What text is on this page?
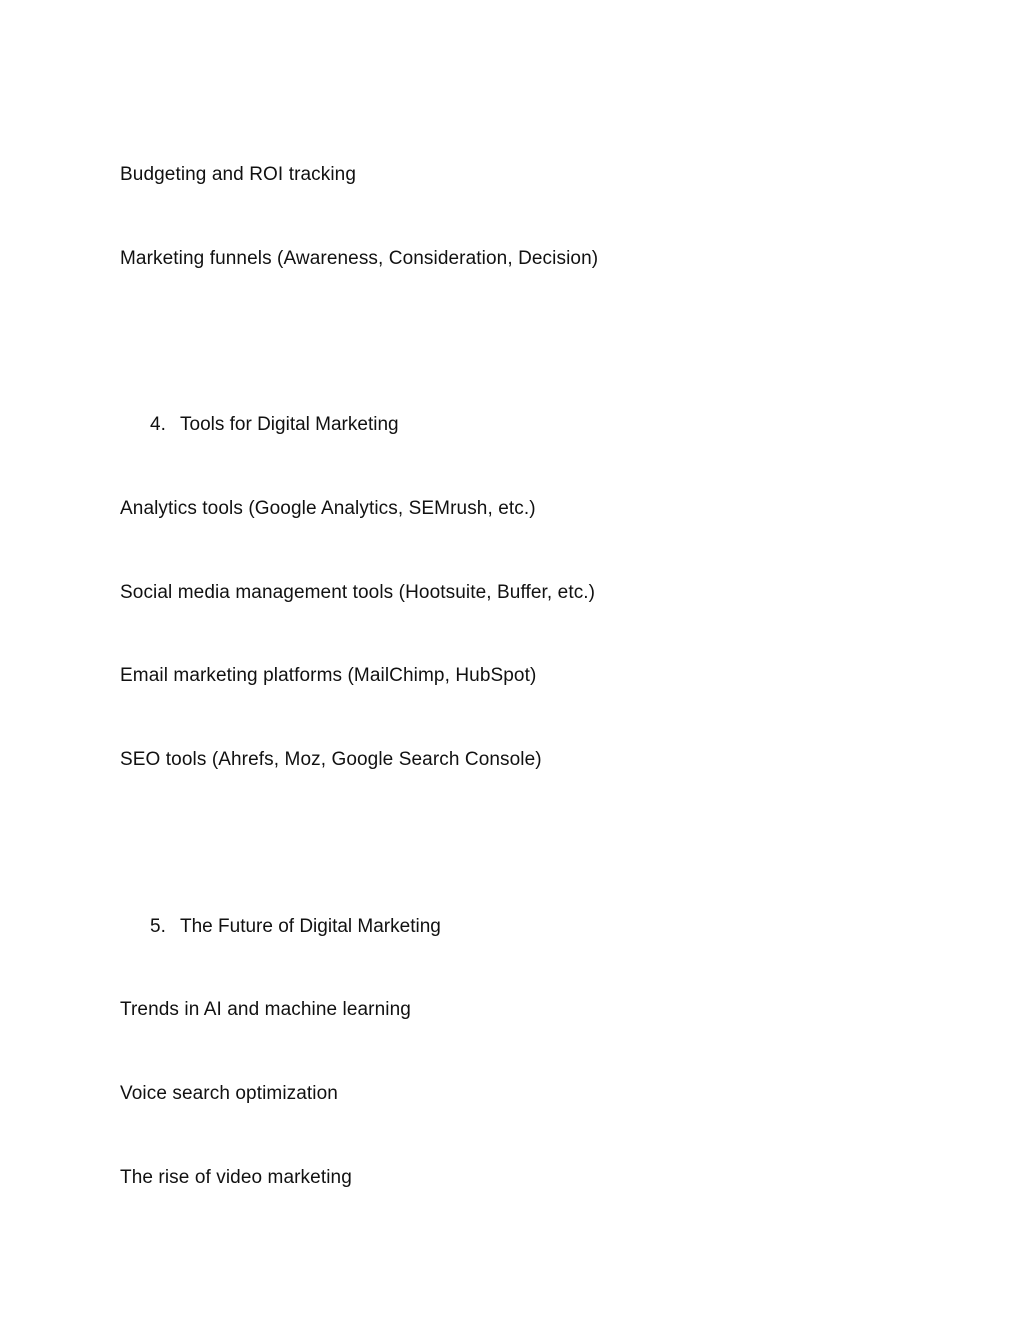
Budgeting and ROI tracking
Marketing funnels (Awareness, Consideration, Decision)
4. Tools for Digital Marketing
Analytics tools (Google Analytics, SEMrush, etc.)
Social media management tools (Hootsuite, Buffer, etc.)
Email marketing platforms (MailChimp, HubSpot)
SEO tools (Ahrefs, Moz, Google Search Console)
5. The Future of Digital Marketing
Trends in AI and machine learning
Voice search optimization
The rise of video marketing
